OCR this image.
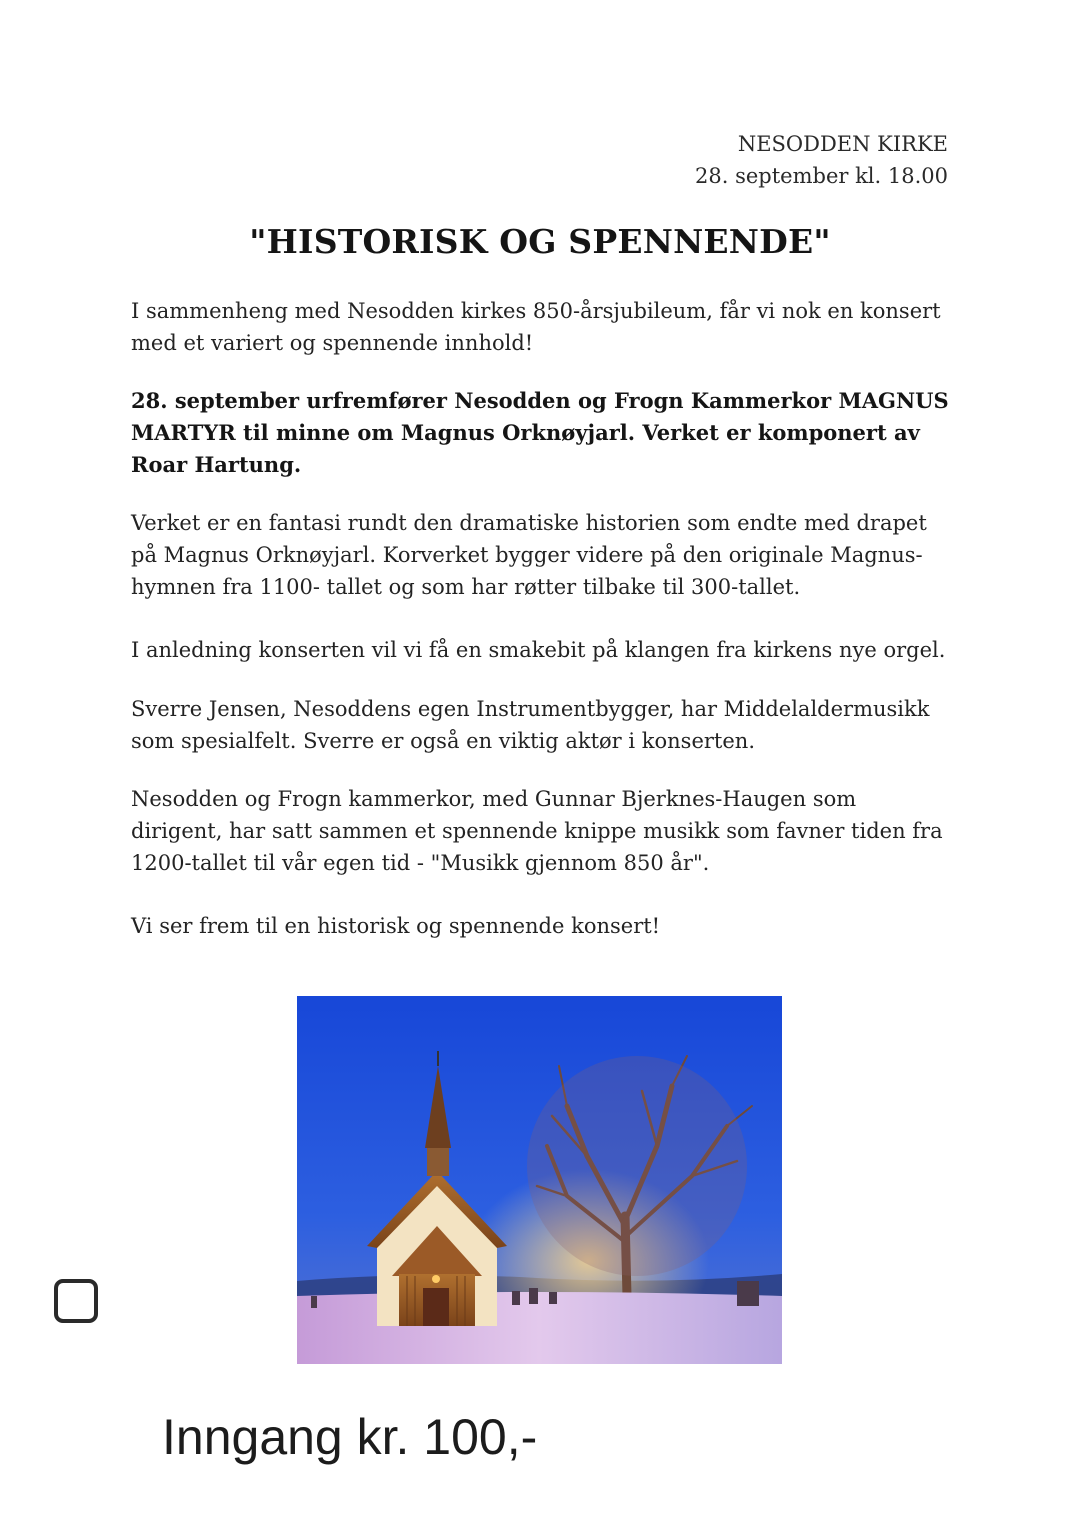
NESODDEN KIRKE
28. september kl. 18.00
"HISTORISK OG SPENNENDE"

I sammenheng med Nesodden kirkes 850-årsjubileum, får vi nok en konsert med et variert og spennende innhold!

28. september urfremfører Nesodden og Frogn Kammerkor MAGNUS MARTYR til minne om Magnus Orknøyjarl. Verket er komponert av Roar Hartung.

Verket er en fantasi rundt den dramatiske historien som endte med drapet på Magnus Orknøyjarl. Korverket bygger videre på den originale Magnus-hymnen fra 1100- tallet og som har røtter tilbake til 300-tallet.

I anledning konserten vil vi få en smakebit på klangen fra kirkens nye orgel.

Sverre Jensen, Nesoddens egen Instrumentbygger, har Middelaldermusikk som spesialfelt. Sverre er også en viktig aktør i konserten.

Nesodden og Frogn kammerkor, med Gunnar Bjerknes-Haugen som dirigent, har satt sammen et spennende knippe musikk som favner tiden fra 1200-tallet til vår egen tid - "Musikk gjennom 850 år".

Vi ser frem til en historisk og spennende konsert!

Inngang kr. 100,-
